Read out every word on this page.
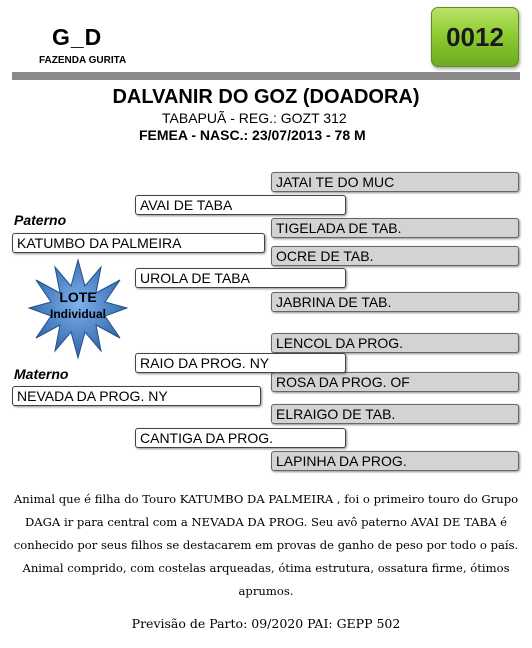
G_D
FAZENDA GURITA
0012
DALVANIR DO GOZ (DOADORA)
TABAPUÃ - REG.: GOZT 312
FEMEA - NASC.: 23/07/2013 - 78 M
JATAI TE DO MUC
TIGELADA DE TAB.
OCRE DE TAB.
JABRINA DE TAB.
LENCOL DA PROG.
ROSA DA PROG. OF
ELRAIGO DE TAB.
LAPINHA DA PROG.
AVAI DE TABA
UROLA DE TABA
RAIO DA PROG. NY
CANTIGA DA PROG.
Paterno
KATUMBO DA PALMEIRA
Materno
NEVADA DA PROG. NY
LOTE
Individual
Animal que é filha do Touro KATUMBO DA PALMEIRA , foi o primeiro touro do Grupo DAGA ir para central com a NEVADA DA PROG. Seu avô paterno AVAI DE TABA é conhecido por seus filhos se destacarem em provas de ganho de peso por todo o país. Animal comprido, com costelas arqueadas, ótima estrutura, ossatura firme, ótimos aprumos.
Previsão de Parto: 09/2020 PAI: GEPP 502
